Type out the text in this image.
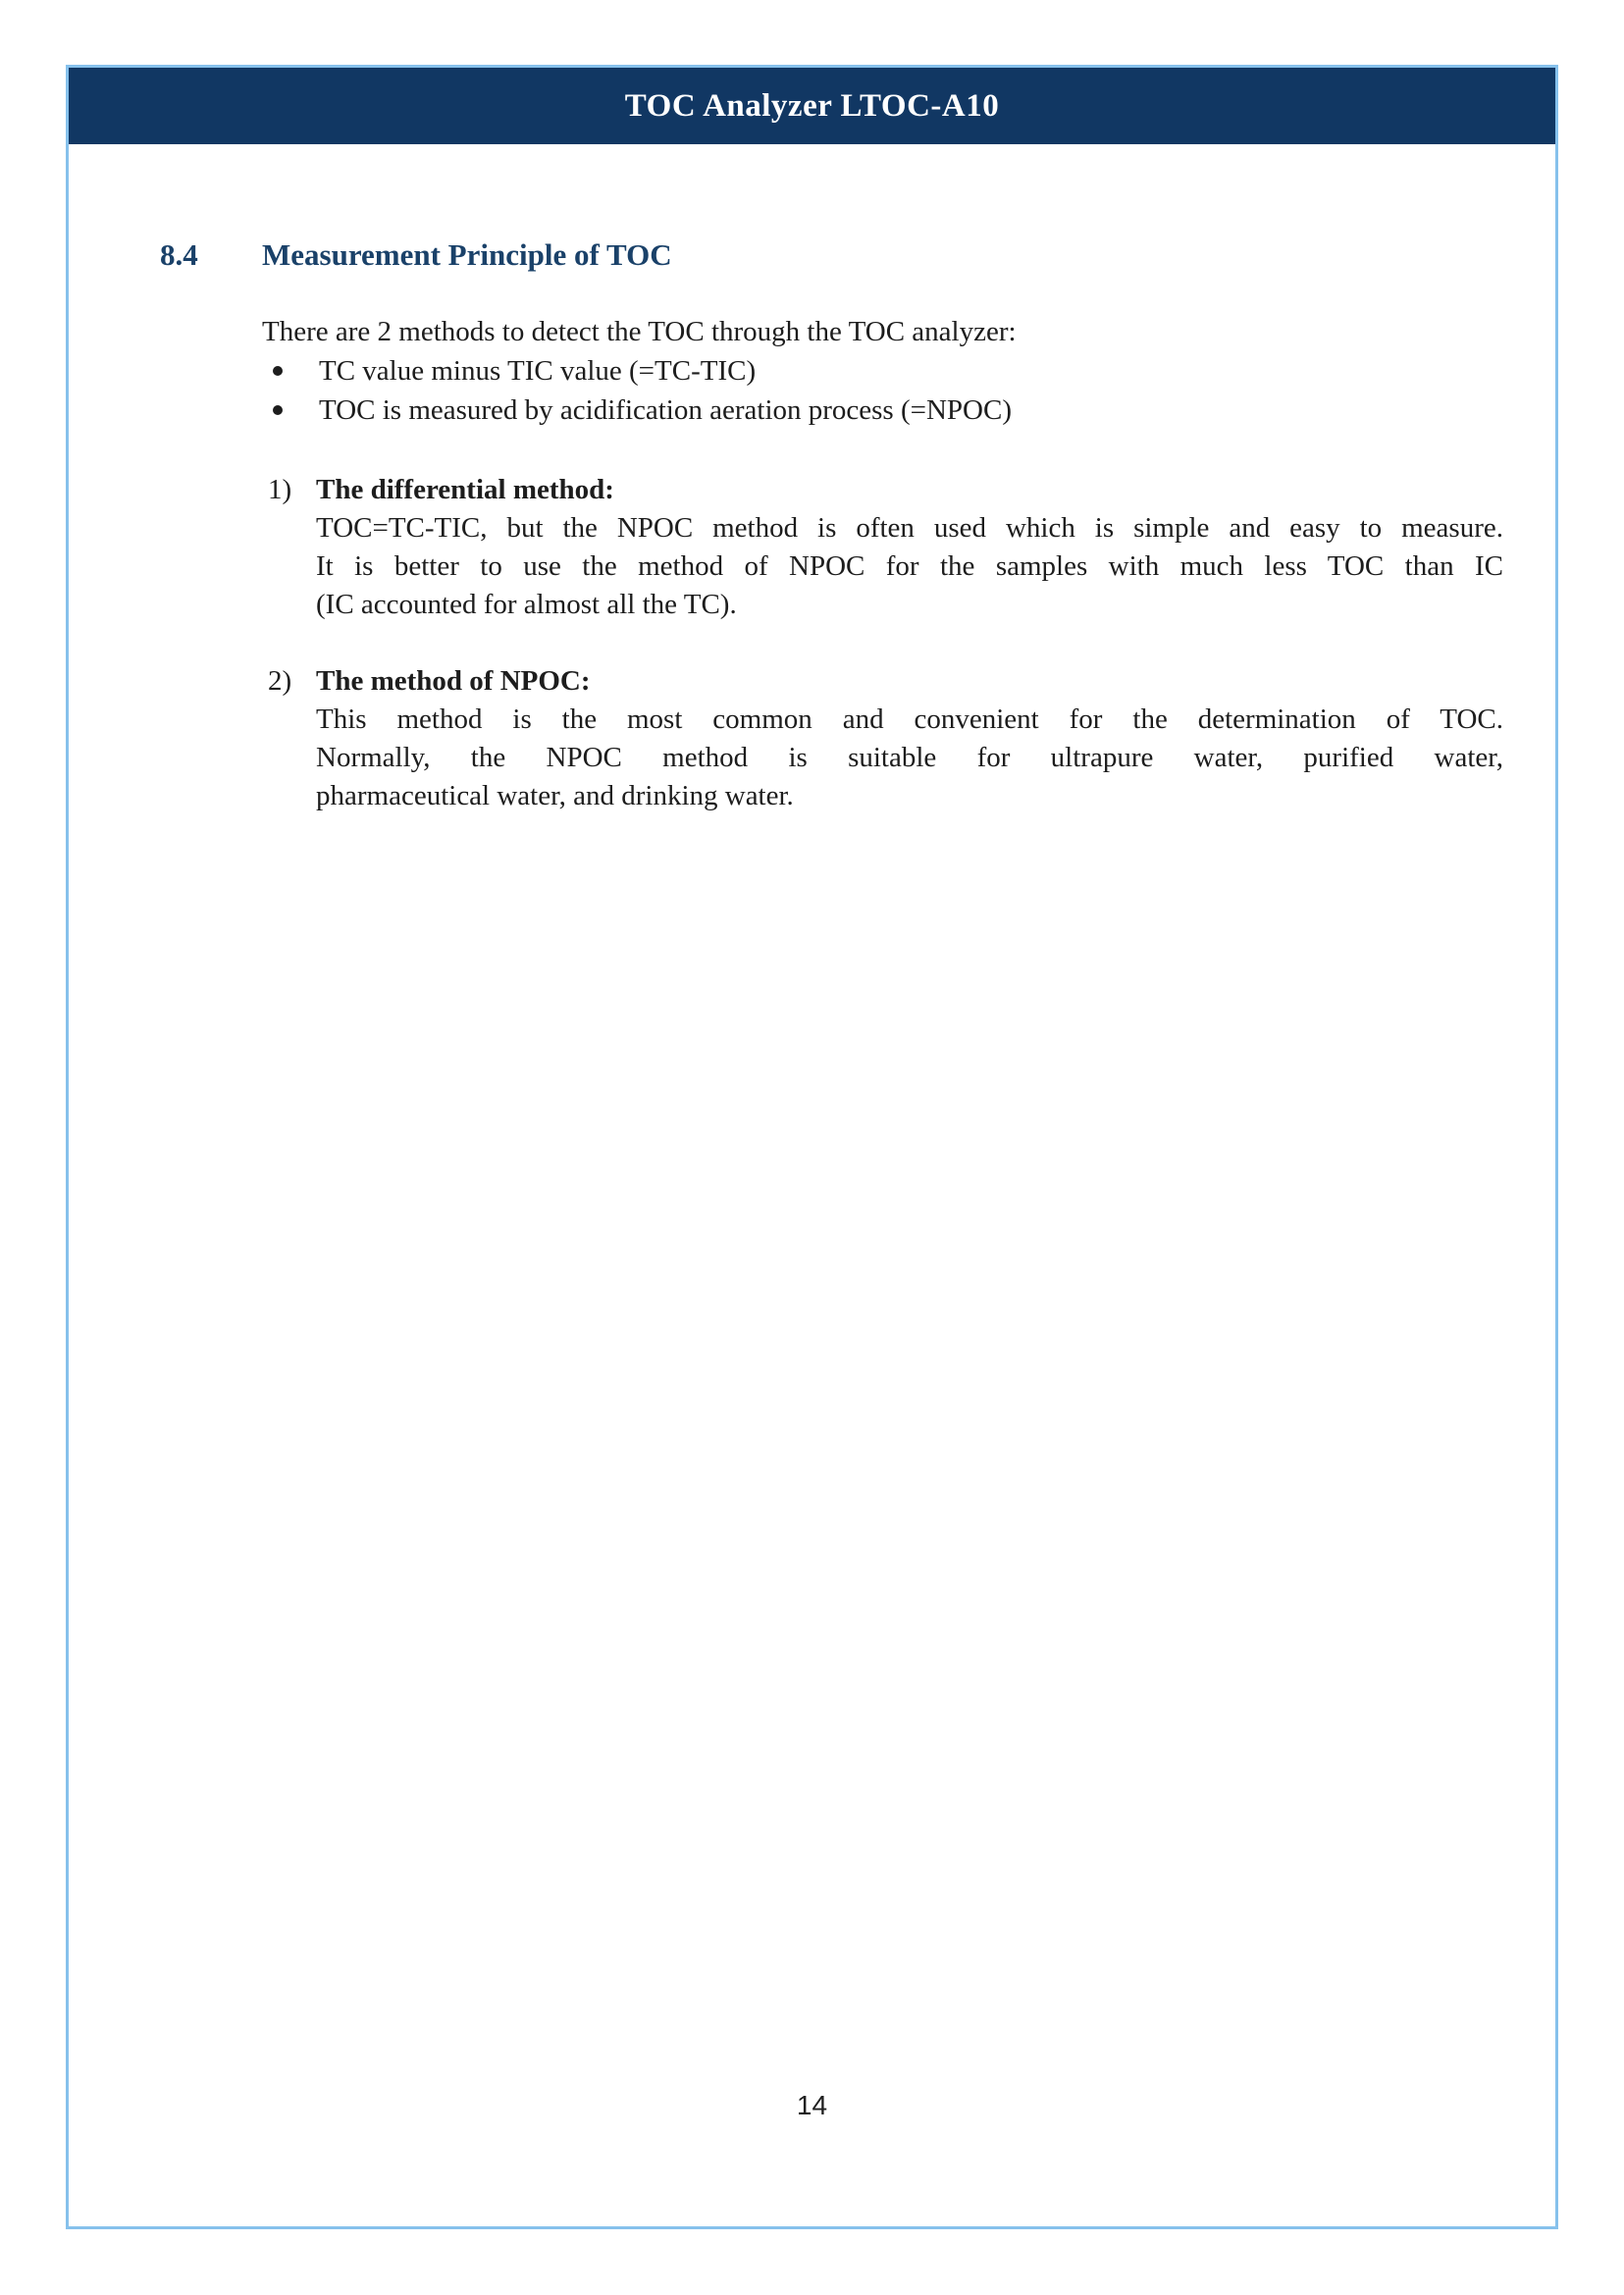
TOC Analyzer LTOC-A10
8.4	Measurement Principle of TOC
There are 2 methods to detect the TOC through the TOC analyzer:
TC value minus TIC value (=TC-TIC)
TOC is measured by acidification aeration process (=NPOC)
1) The differential method:
TOC=TC-TIC, but the NPOC method is often used which is simple and easy to measure.
It is better to use the method of NPOC for the samples with much less TOC than IC
(IC accounted for almost all the TC).
2) The method of NPOC:
This method is the most common and convenient for the determination of TOC.
Normally, the NPOC method is suitable for ultrapure water, purified water,
pharmaceutical water, and drinking water.
14
